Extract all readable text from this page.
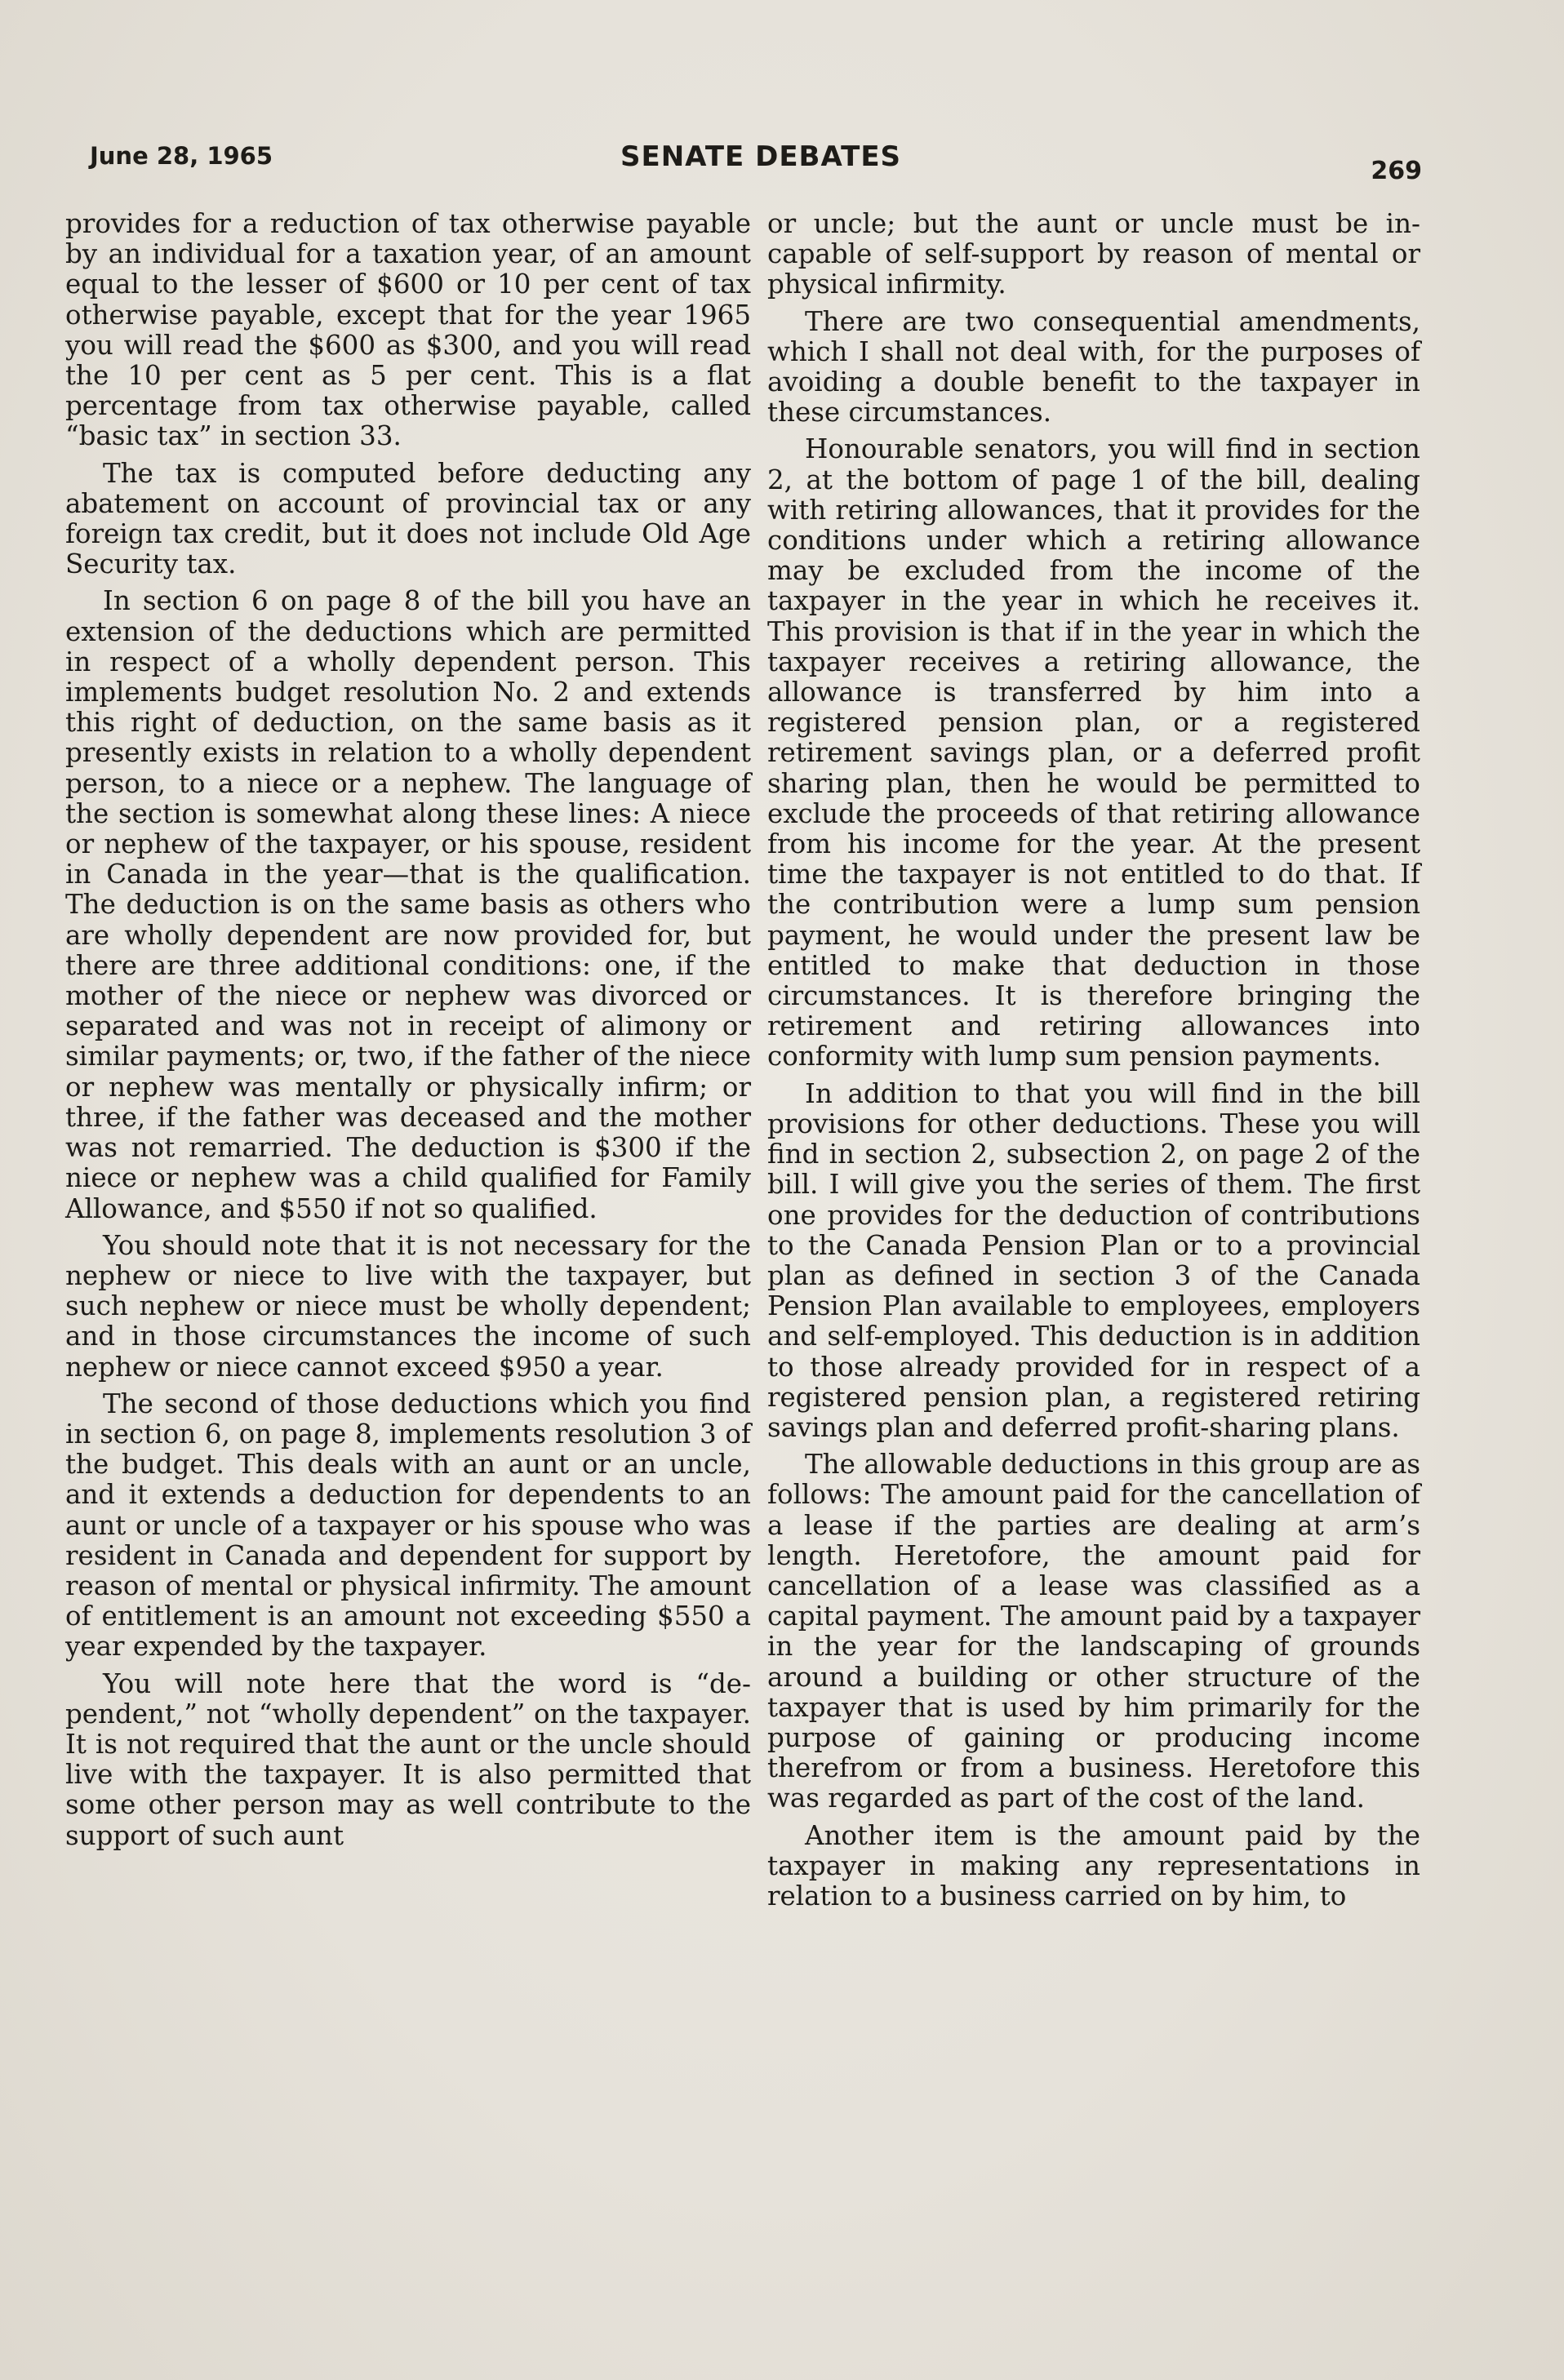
June 28, 1965	SENATE DEBATES	269

provides for a reduction of tax otherwise payable by an individual for a taxation year, of an amount equal to the lesser of $600 or 10 per cent of tax otherwise payable, except that for the year 1965 you will read the $600 as $300, and you will read the 10 per cent as 5 per cent. This is a flat percentage from tax otherwise payable, called “basic tax” in section 33.

The tax is computed before deducting any abatement on account of provincial tax or any foreign tax credit, but it does not include Old Age Security tax.

In section 6 on page 8 of the bill you have an extension of the deductions which are permitted in respect of a wholly dependent person. This implements budget resolution No. 2 and extends this right of deduction, on the same basis as it presently exists in relation to a wholly dependent person, to a niece or a nephew. The language of the section is somewhat along these lines: A niece or nephew of the taxpayer, or his spouse, resident in Canada in the year—that is the qualification. The deduction is on the same basis as others who are wholly dependent are now provided for, but there are three additional conditions: one, if the mother of the niece or nephew was divorced or separated and was not in receipt of alimony or similar payments; or, two, if the father of the niece or nephew was mentally or physically infirm; or three, if the father was deceased and the mother was not remarried. The deduction is $300 if the niece or nephew was a child qualified for Family Allowance, and $550 if not so qualified.

You should note that it is not necessary for the nephew or niece to live with the taxpayer, but such nephew or niece must be wholly dependent; and in those circumstances the income of such nephew or niece cannot exceed $950 a year.

The second of those deductions which you find in section 6, on page 8, implements resolution 3 of the budget. This deals with an aunt or an uncle, and it extends a deduction for dependents to an aunt or uncle of a taxpayer or his spouse who was resident in Canada and dependent for support by reason of mental or physical infirmity. The amount of entitlement is an amount not exceeding $550 a year expended by the taxpayer.

You will note here that the word is “dependent,” not “wholly dependent” on the taxpayer. It is not required that the aunt or the uncle should live with the taxpayer. It is also permitted that some other person may as well contribute to the support of such aunt

or uncle; but the aunt or uncle must be incapable of self-support by reason of mental or physical infirmity.

There are two consequential amendments, which I shall not deal with, for the purposes of avoiding a double benefit to the taxpayer in these circumstances.

Honourable senators, you will find in section 2, at the bottom of page 1 of the bill, dealing with retiring allowances, that it provides for the conditions under which a retiring allowance may be excluded from the income of the taxpayer in the year in which he receives it. This provision is that if in the year in which the taxpayer receives a retiring allowance, the allowance is transferred by him into a registered pension plan, or a registered retirement savings plan, or a deferred profit sharing plan, then he would be permitted to exclude the proceeds of that retiring allowance from his income for the year. At the present time the taxpayer is not entitled to do that. If the contribution were a lump sum pension payment, he would under the present law be entitled to make that deduction in those circumstances. It is therefore bringing the retirement and retiring allowances into conformity with lump sum pension payments.

In addition to that you will find in the bill provisions for other deductions. These you will find in section 2, subsection 2, on page 2 of the bill. I will give you the series of them. The first one provides for the deduction of contributions to the Canada Pension Plan or to a provincial plan as defined in section 3 of the Canada Pension Plan available to employees, employers and self-employed. This deduction is in addition to those already provided for in respect of a registered pension plan, a registered retiring savings plan and deferred profit-sharing plans.

The allowable deductions in this group are as follows: The amount paid for the cancellation of a lease if the parties are dealing at arm’s length. Heretofore, the amount paid for cancellation of a lease was classified as a capital payment. The amount paid by a taxpayer in the year for the landscaping of grounds around a building or other structure of the taxpayer that is used by him primarily for the purpose of gaining or producing income therefrom or from a business. Heretofore this was regarded as part of the cost of the land.

Another item is the amount paid by the taxpayer in making any representations in relation to a business carried on by him, to
